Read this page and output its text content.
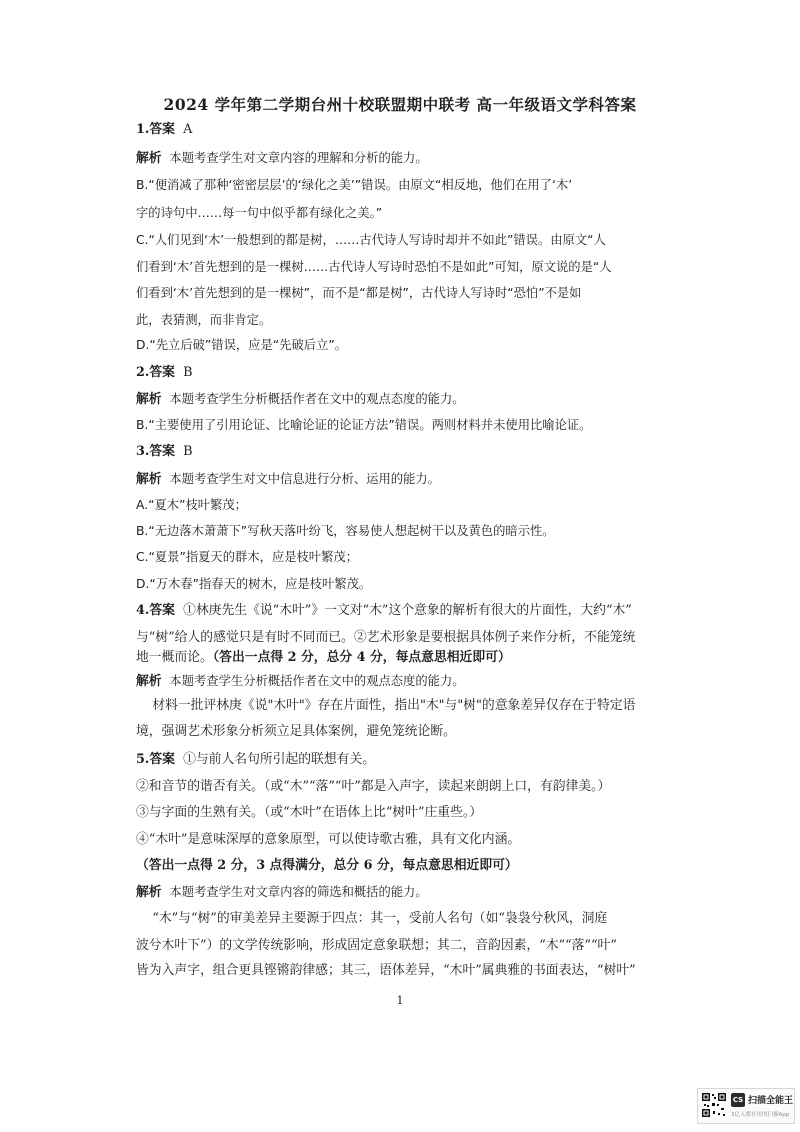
2024 学年第二学期台州十校联盟期中联考 高一年级语文学科答案
1.答案  A
解析  本题考查学生对文章内容的理解和分析的能力。
B.“便消减了那种‘密密层层’的‘绿化之美’”错误。由原文“相反地，他们在用了‘木’
字的诗句中……每一句中似乎都有绿化之美。”
C.“人们见到‘木’一般想到的都是树，……古代诗人写诗时却并不如此”错误。由原文“人
们看到‘木’首先想到的是一棵树……古代诗人写诗时恐怕不是如此”可知，原文说的是“人
们看到‘木’首先想到的是一棵树”，而不是“都是树”，古代诗人写诗时“恐怕”不是如
此，表猜测，而非肯定。
D.“先立后破”错误，应是“先破后立”。
2.答案  B
解析  本题考查学生分析概括作者在文中的观点态度的能力。
B.“主要使用了引用论证、比喻论证的论证方法”错误。两则材料并未使用比喻论证。
3.答案  B
解析  本题考查学生对文中信息进行分析、运用的能力。
A.“夏木”枝叶繁茂；
B.“无边落木萧萧下”写秋天落叶纷飞，容易使人想起树干以及黄色的暗示性。
C.“夏景”指夏天的群木，应是枝叶繁茂；
D.“万木春”指春天的树木，应是枝叶繁茂。
4.答案  ①林庚先生《说“木叶”》一文对“木”这个意象的解析有很大的片面性，大约“木”
与“树”给人的感觉只是有时不同而已。②艺术形象是要根据具体例子来作分析，不能笼统
地一概而论。（答出一点得 2 分，总分 4 分，每点意思相近即可）
解析  本题考查学生分析概括作者在文中的观点态度的能力。
材料一批评林庚《说"木叶"》存在片面性，指出"木"与"树"的意象差异仅存在于特定语
境，强调艺术形象分析须立足具体案例，避免笼统论断。
5.答案  ①与前人名句所引起的联想有关。
②和音节的谐否有关。（或“木”“落”“叶”都是入声字，读起来朗朗上口，有韵律美。）
③与字面的生熟有关。（或“木叶”在语体上比“树叶”庄重些。）
④“木叶”是意味深厚的意象原型，可以使诗歌古雅，具有文化内涵。
（答出一点得 2 分，3 点得满分，总分 6 分，每点意思相近即可）
解析  本题考查学生对文章内容的筛选和概括的能力。
“木”与“树”的审美差异主要源于四点：其一，受前人名句（如“袅袅兮秋风，洞庭
波兮木叶下”）的文学传统影响，形成固定意象联想；其二，音韵因素，“木”“落”“叶”
皆为入声字，组合更具铿锵韵律感；其三，语体差异，“木叶”属典雅的书面表达，“树叶”
1
CS 扫描全能王
3亿人都在用的扫描App
